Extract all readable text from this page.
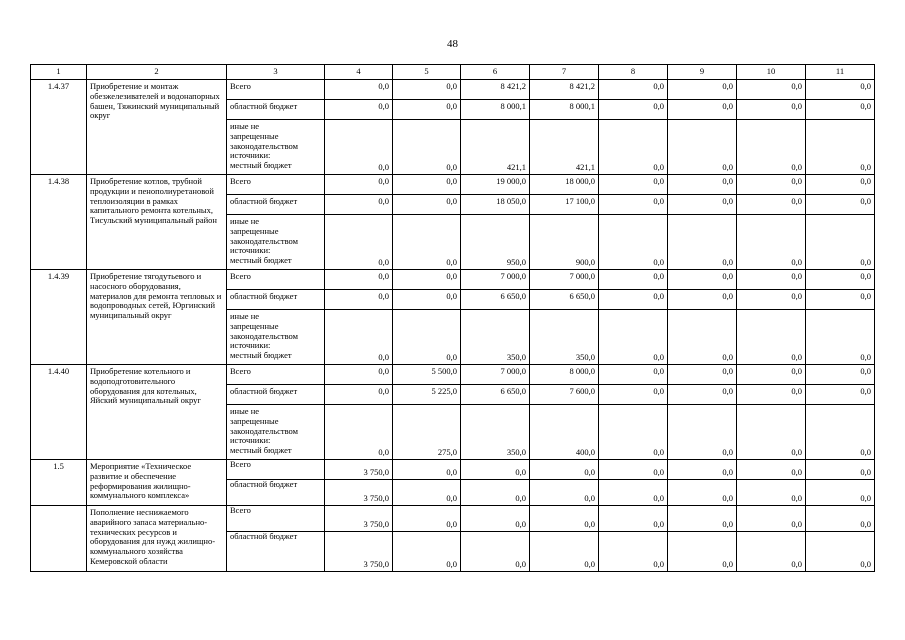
48
1	2	3	4	5	6	7	8	9	10	11
1.4.37	Приобретение и монтаж обезжелезивателей и водонапорных башен, Тяжинский муниципальный округ	Всего	0,0	0,0	8 421,2	8 421,2	0,0	0,0	0,0	0,0
		областной бюджет	0,0	0,0	8 000,1	8 000,1	0,0	0,0	0,0	0,0

		иные не
запрещенные
законодательством
источники:
местный бюджет	0,0	0,0	421,1	421,1	0,0	0,0	0,0	0,0
1.4.38	Приобретение котлов, трубной продукции и пенополиуретановой теплоизоляции в рамках капитального ремонта котельных, Тисульский муниципальный район	Всего	0,0	0,0	19 000,0	18 000,0	0,0	0,0	0,0	0,0
		областной бюджет	0,0	0,0	18 050,0	17 100,0	0,0	0,0	0,0	0,0

		иные не
запрещенные
законодательством
источники:
местный бюджет	0,0	0,0	950,0	900,0	0,0	0,0	0,0	0,0
1.4.39	Приобретение тягодутьевого и насосного оборудования, материалов для ремонта тепловых и водопроводных сетей, Юргинский муниципальный округ	Всего	0,0	0,0	7 000,0	7 000,0	0,0	0,0	0,0	0,0
		областной бюджет	0,0	0,0	6 650,0	6 650,0	0,0	0,0	0,0	0,0

		иные не
запрещенные
законодательством
источники:
местный бюджет	0,0	0,0	350,0	350,0	0,0	0,0	0,0	0,0
1.4.40	Приобретение котельного и водоподготовительного оборудования для котельных, Яйский муниципальный округ	Всего	0,0	5 500,0	7 000,0	8 000,0	0,0	0,0	0,0	0,0
		областной бюджет	0,0	5 225,0	6 650,0	7 600,0	0,0	0,0	0,0	0,0

		иные не
запрещенные
законодательством
источники:
местный бюджет	0,0	275,0	350,0	400,0	0,0	0,0	0,0	0,0
1.5	Мероприятие «Техническое развитие и обеспечение реформирования жилищно-коммунального комплекса»	Всего	3 750,0	0,0	0,0	0,0	0,0	0,0	0,0	0,0
		областной бюджет	3 750,0	0,0	0,0	0,0	0,0	0,0	0,0	0,0
	Пополнение неснижаемого аварийного запаса материально-технических ресурсов и оборудования для нужд жилищно-коммунального хозяйства Кемеровской области	Всего	3 750,0	0,0	0,0	0,0	0,0	0,0	0,0	0,0
		областной бюджет	3 750,0	0,0	0,0	0,0	0,0	0,0	0,0	0,0
